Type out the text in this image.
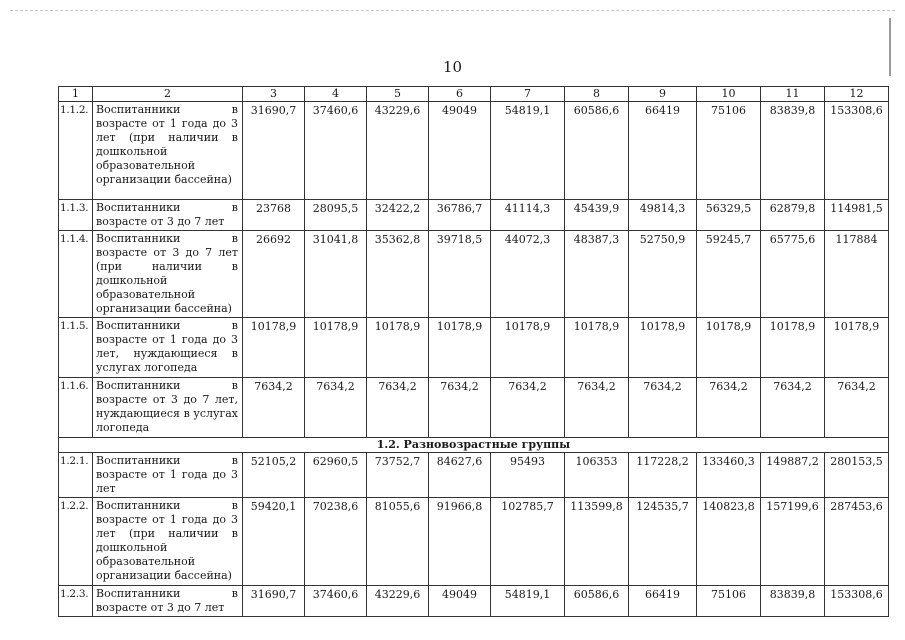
10
1	2	3	4	5	6	7	8	9	10	11	12
1.1.2.	Воспитанники в возрасте от 1 года до 3 лет (при наличии в дошкольной образовательной организации бассейна)	31690,7	37460,6	43229,6	49049	54819,1	60586,6	66419	75106	83839,8	153308,6
1.1.3.	Воспитанники в возрасте от 3 до 7 лет	23768	28095,5	32422,2	36786,7	41114,3	45439,9	49814,3	56329,5	62879,8	114981,5
1.1.4.	Воспитанники в возрасте от 3 до 7 лет (при наличии в дошкольной образовательной организации бассейна)	26692	31041,8	35362,8	39718,5	44072,3	48387,3	52750,9	59245,7	65775,6	117884
1.1.5.	Воспитанники в возрасте от 1 года до 3 лет, нуждающиеся в услугах логопеда	10178,9	10178,9	10178,9	10178,9	10178,9	10178,9	10178,9	10178,9	10178,9	10178,9
1.1.6.	Воспитанники в возрасте от 3 до 7 лет, нуждающиеся в услугах логопеда	7634,2	7634,2	7634,2	7634,2	7634,2	7634,2	7634,2	7634,2	7634,2	7634,2
1.2. Разновозрастные группы											
1.2.1.	Воспитанники в возрасте от 1 года до 3 лет	52105,2	62960,5	73752,7	84627,6	95493	106353	117228,2	133460,3	149887,2	280153,5
1.2.2.	Воспитанники в возрасте от 1 года до 3 лет (при наличии в дошкольной образовательной организации бассейна)	59420,1	70238,6	81055,6	91966,8	102785,7	113599,8	124535,7	140823,8	157199,6	287453,6
1.2.3.	Воспитанники в возрасте от 3 до 7 лет	31690,7	37460,6	43229,6	49049	54819,1	60586,6	66419	75106	83839,8	153308,6
